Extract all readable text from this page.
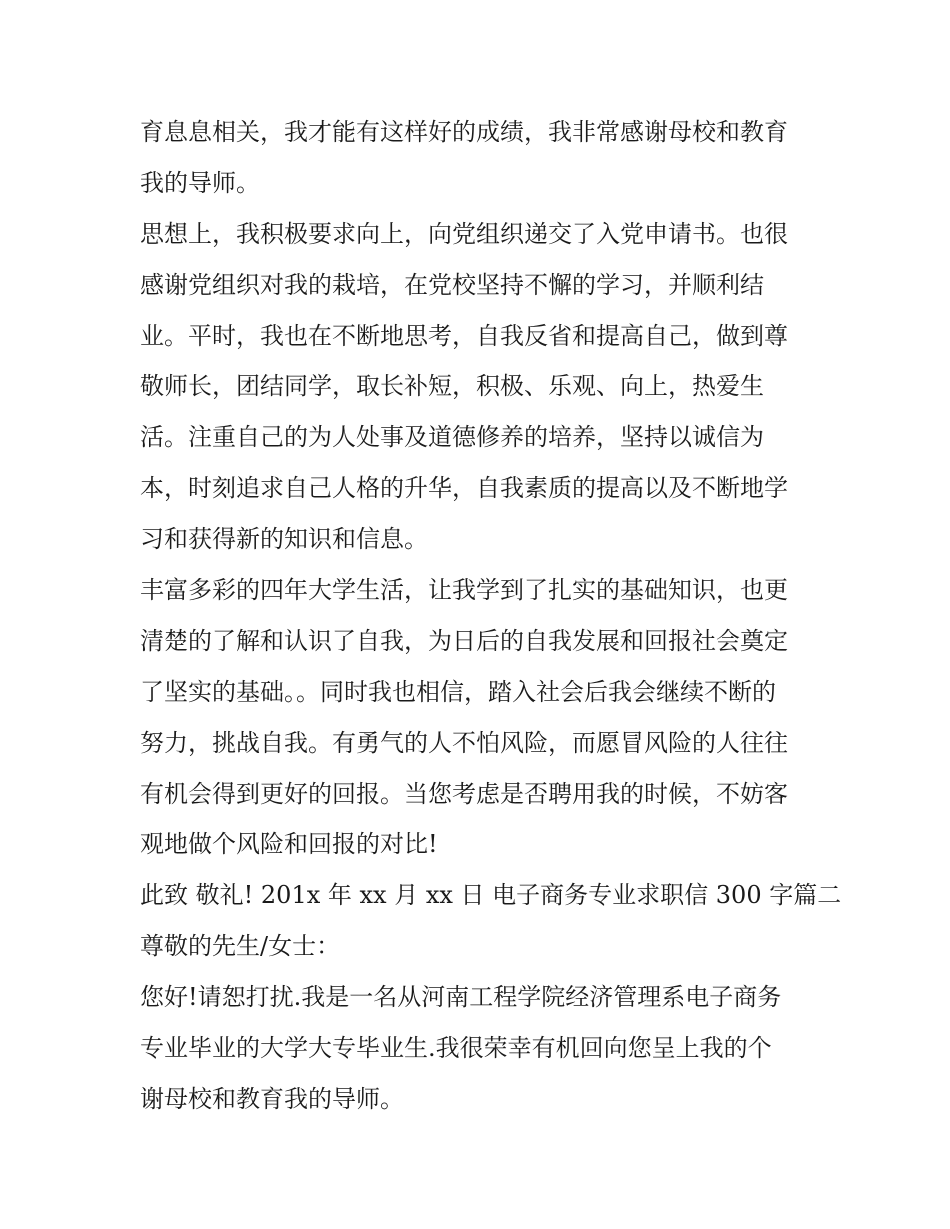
育息息相关，我才能有这样好的成绩，我非常感谢母校和教育
我的导师。
思想上，我积极要求向上，向党组织递交了入党申请书。也很
感谢党组织对我的栽培，在党校坚持不懈的学习，并顺利结
业。平时，我也在不断地思考，自我反省和提高自己，做到尊
敬师长，团结同学，取长补短，积极、乐观、向上，热爱生
活。注重自己的为人处事及道德修养的培养，坚持以诚信为
本，时刻追求自己人格的升华，自我素质的提高以及不断地学
习和获得新的知识和信息。
丰富多彩的四年大学生活，让我学到了扎实的基础知识，也更
清楚的了解和认识了自我，为日后的自我发展和回报社会奠定
了坚实的基础。。同时我也相信，踏入社会后我会继续不断的
努力，挑战自我。有勇气的人不怕风险，而愿冒风险的人往往
有机会得到更好的回报。当您考虑是否聘用我的时候，不妨客
观地做个风险和回报的对比!
此致 敬礼! 201x 年 xx 月 xx 日 电子商务专业求职信 300 字篇二
尊敬的先生/女士：
您好!请恕打扰.我是一名从河南工程学院经济管理系电子商务
专业毕业的大学大专毕业生.我很荣幸有机回向您呈上我的个
谢母校和教育我的导师。
